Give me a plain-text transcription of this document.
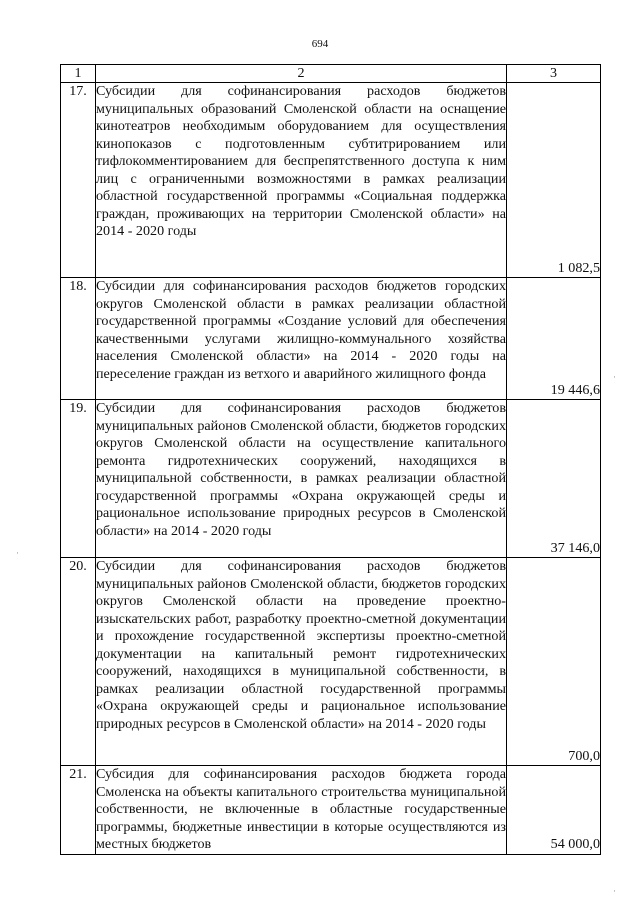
694
1	2	3
17.	Субсидии для софинансирования расходов бюджетов муниципальных образований Смоленской области на оснащение кинотеатров необходимым оборудованием для осуществления кинопоказов с подготовленным субтитрированием или тифлокомментированием для беспрепятственного доступа к ним лиц с ограниченными возможностями в рамках реализации областной государственной программы «Социальная поддержка граждан, проживающих на территории Смоленской области» на 2014 - 2020 годы	1 082,5
18.	Субсидии для софинансирования расходов бюджетов городских округов Смоленской области в рамках реализации областной государственной программы «Создание условий для обеспечения качественными услугами жилищно-коммунального хозяйства населения Смоленской области» на 2014 - 2020 годы на переселение граждан из ветхого и аварийного жилищного фонда	19 446,6
19.	Субсидии для софинансирования расходов бюджетов муниципальных районов Смоленской области, бюджетов городских округов Смоленской области на осуществление капитального ремонта гидротехнических сооружений, находящихся в муниципальной собственности, в рамках реализации областной государственной программы «Охрана окружающей среды и рациональное использование природных ресурсов в Смоленской области» на 2014 - 2020 годы	37 146,0
20.	Субсидии для софинансирования расходов бюджетов муниципальных районов Смоленской области, бюджетов городских округов Смоленской области на проведение проектно-изыскательских работ, разработку проектно-сметной документации и прохождение государственной экспертизы проектно-сметной документации на капитальный ремонт гидротехнических сооружений, находящихся в муниципальной собственности, в рамках реализации областной государственной программы «Охрана окружающей среды и рациональное использование природных ресурсов в Смоленской области» на 2014 - 2020 годы	700,0
21.	Субсидия для софинансирования расходов бюджета города Смоленска на объекты капитального строительства муниципальной собственности, не включенные в областные государственные программы, бюджетные инвестиции в которые осуществляются из местных бюджетов	54 000,0
·
·
·
